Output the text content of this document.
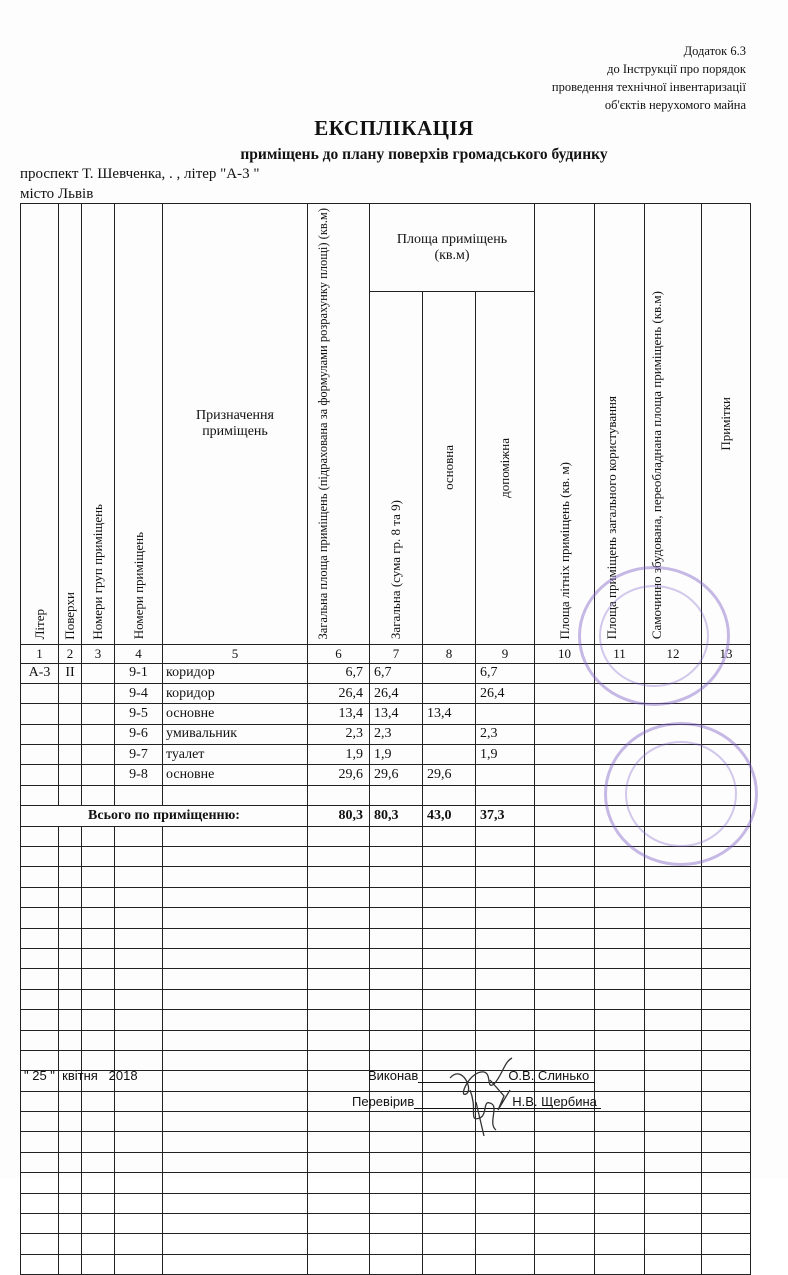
Додаток 6.3
до Інструкції про порядок
проведення технічної інвентаризації
об'єктів нерухомого майна
ЕКСПЛІКАЦІЯ
приміщень до плану поверхів громадського будинку
проспект Т. Шевченка, . , літер "А-3 "
місто Львів
Літер	Поверхи	Номери груп приміщень	Номери приміщень	Призначення приміщень	Загальна площа приміщень (підрахована за формулами розрахунку площі) (кв.м)	Площа приміщень (кв.м)			Площа літніх приміщень (кв. м)	Площа приміщень загального користування	Самочинно збудована, переобладнана площа приміщень (кв.м)	Примітки

						Загальна (сума гр. 8 та 9)	основна	допоміжна				

1	2	3	4	5	6	7	8	9	10	11	12	13
А-3	II		9-1	коридор	6,7	6,7		6,7				
			9-4	коридор	26,4	26,4		26,4				
			9-5	основне	13,4	13,4	13,4					
			9-6	умивальник	2,3	2,3		2,3				
			9-7	туалет	1,9	1,9		1,9				
			9-8	основне	29,6	29,6	29,6					

Всього по приміщенню:					80,3	80,3	43,0	37,3				

" 25 " квітня 2018	Виконав	О.В. Слинько
Перевірив	Н.В. Щербина
